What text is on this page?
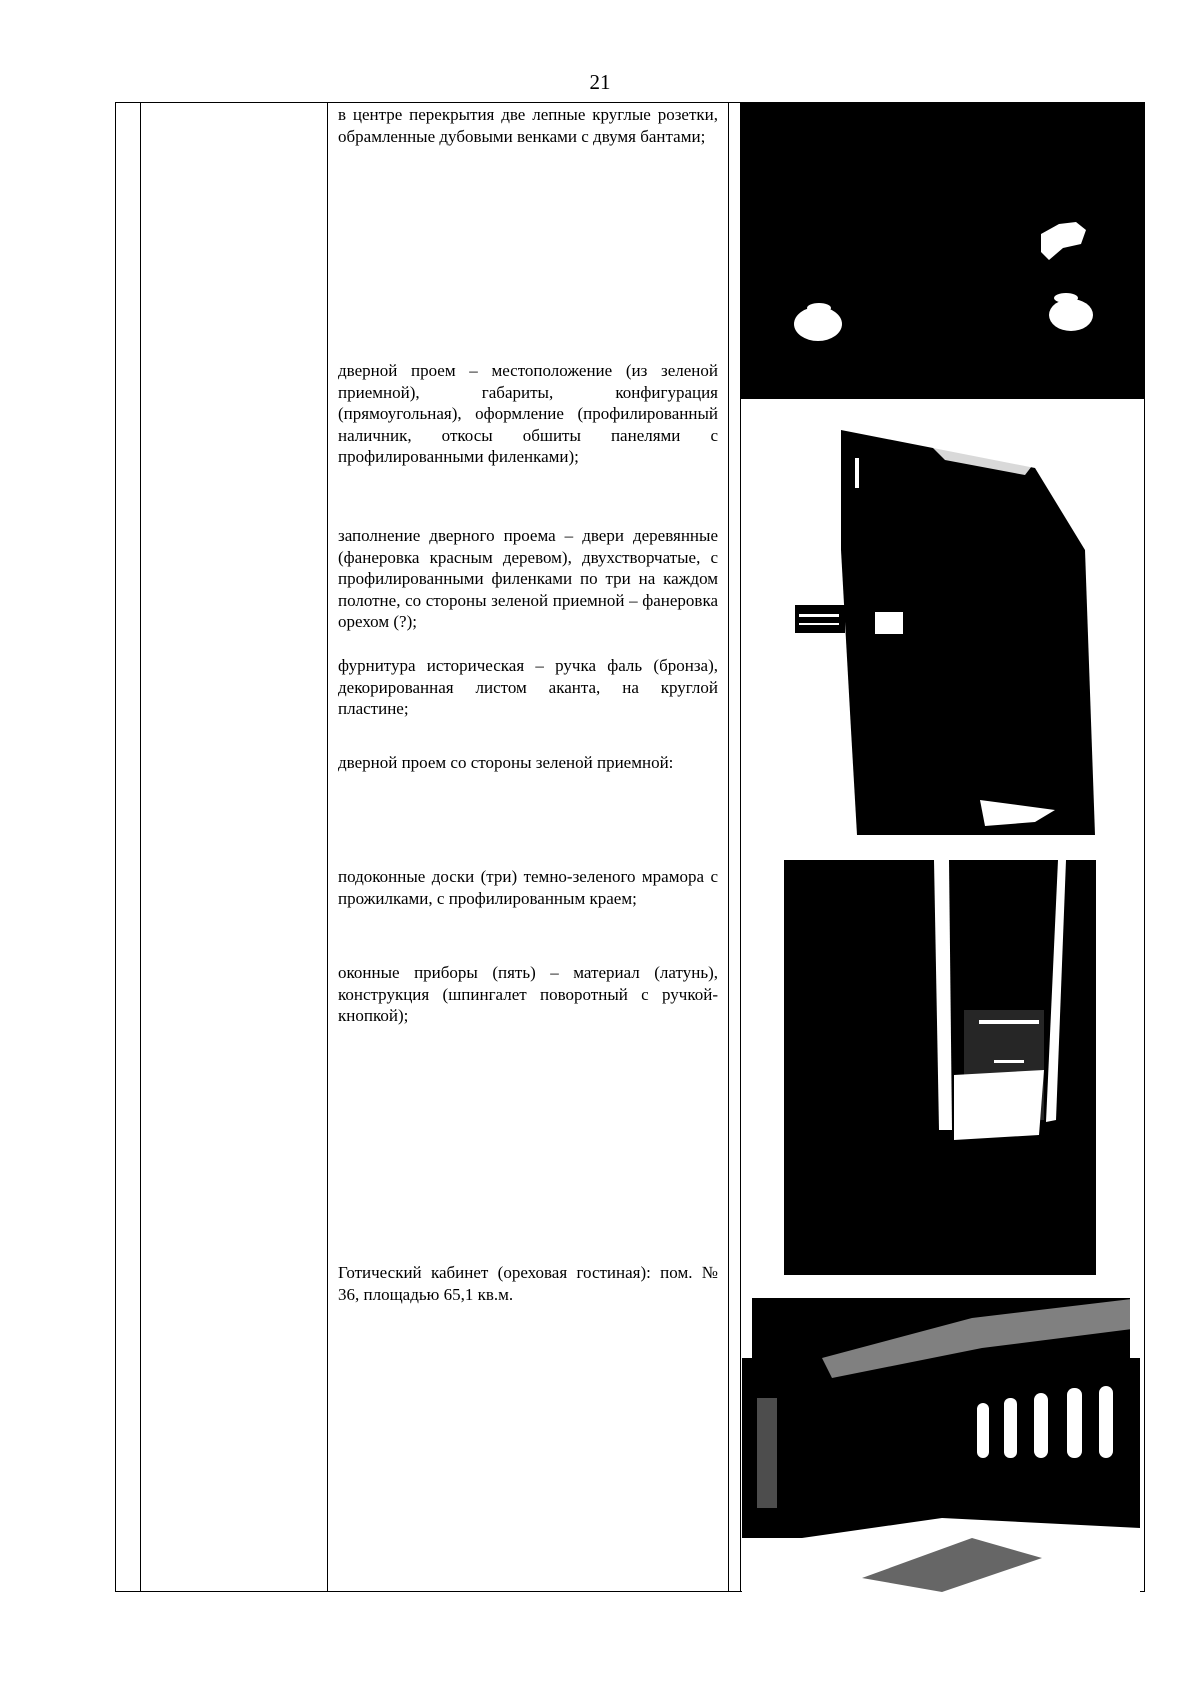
21
в центре перекрытия две лепные круглые розетки, обрамленные дубовыми венками с двумя бантами;
дверной проем – местоположение (из зеленой приемной), габариты, конфигурация (прямоугольная), оформление (профилированный наличник, откосы обшиты панелями с профилированными филенками);
заполнение дверного проема – двери деревянные (фанеровка красным деревом), двухстворчатые, с профилированными филенками по три на каждом полотне, со стороны зеленой приемной – фанеровка орехом (?);
фурнитура историческая – ручка фаль (бронза), декорированная листом аканта, на круглой пластине;
дверной проем со стороны зеленой приемной:
подоконные доски (три) темно-зеленого мрамора с прожилками, с профилированным краем;
оконные приборы (пять) – материал (латунь), конструкция (шпингалет поворотный с ручкой-кнопкой);
Готический кабинет (ореховая гостиная): пом. № 36, площадью 65,1 кв.м.
